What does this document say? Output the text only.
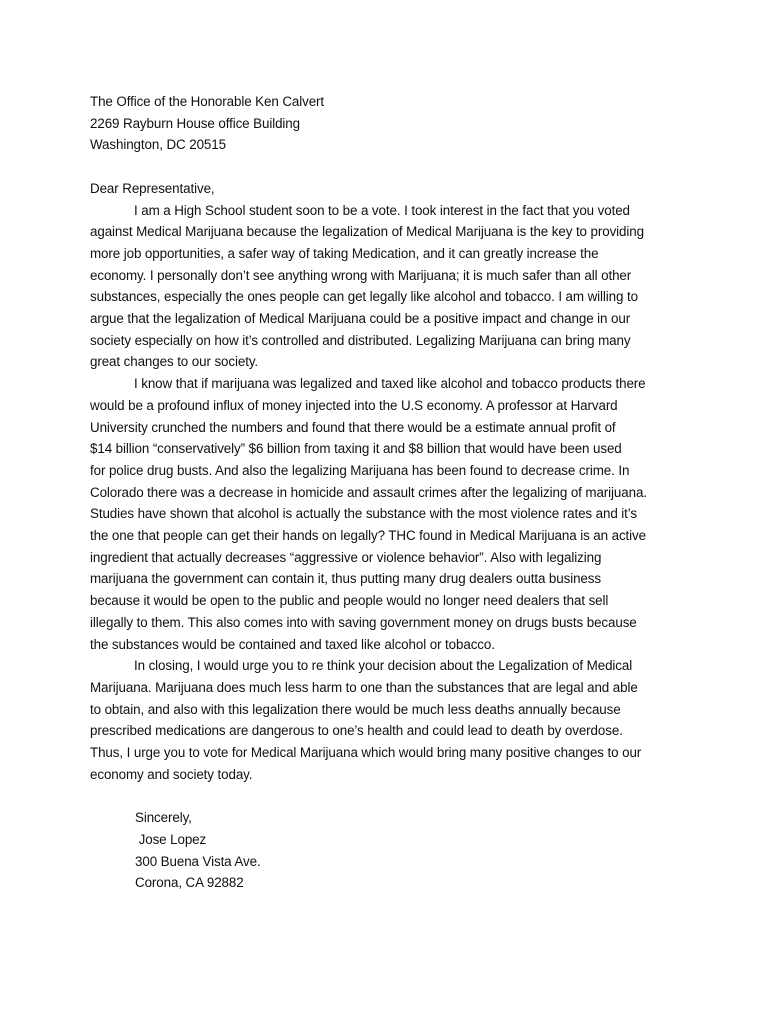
The Office of the Honorable Ken Calvert

2269 Rayburn House office Building

Washington, DC 20515

Dear Representative,

I am a High School student soon to be a vote. I took interest in the fact that you voted

against Medical Marijuana because the legalization of Medical Marijuana is the key to providing

more job opportunities, a safer way of taking Medication, and it can greatly increase the

economy. I personally don’t see anything wrong with Marijuana; it is much safer than all other

substances, especially the ones people can get legally like alcohol and tobacco. I am willing to

argue that the legalization of Medical Marijuana could be a positive impact and change in our

society especially on how it’s controlled and distributed. Legalizing Marijuana can bring many

great changes to our society.

I know that if marijuana was legalized and taxed like alcohol and tobacco products there

would be a profound influx of money injected into the U.S economy. A professor at Harvard

University crunched the numbers and found that there would be a estimate annual profit of

$14 billion “conservatively” $6 billion from taxing it and $8 billion that would have been used

for police drug busts. And also the legalizing Marijuana has been found to decrease crime. In

Colorado there was a decrease in homicide and assault crimes after the legalizing of marijuana.

Studies have shown that alcohol is actually the substance with the most violence rates and it’s

the one that people can get their hands on legally? THC found in Medical Marijuana is an active

ingredient that actually decreases “aggressive or violence behavior”. Also with legalizing

marijuana the government can contain it, thus putting many drug dealers outta business

because it would be open to the public and people would no longer need dealers that sell

illegally to them. This also comes into with saving government money on drugs busts because

the substances would be contained and taxed like alcohol or tobacco.

In closing, I would urge you to re think your decision about the Legalization of Medical

Marijuana. Marijuana does much less harm to one than the substances that are legal and able

to obtain, and also with this legalization there would be much less deaths annually because

prescribed medications are dangerous to one’s health and could lead to death by overdose.

Thus, I urge you to vote for Medical Marijuana which would bring many positive changes to our

economy and society today.

Sincerely,

Jose Lopez

300 Buena Vista Ave.

Corona, CA 92882
